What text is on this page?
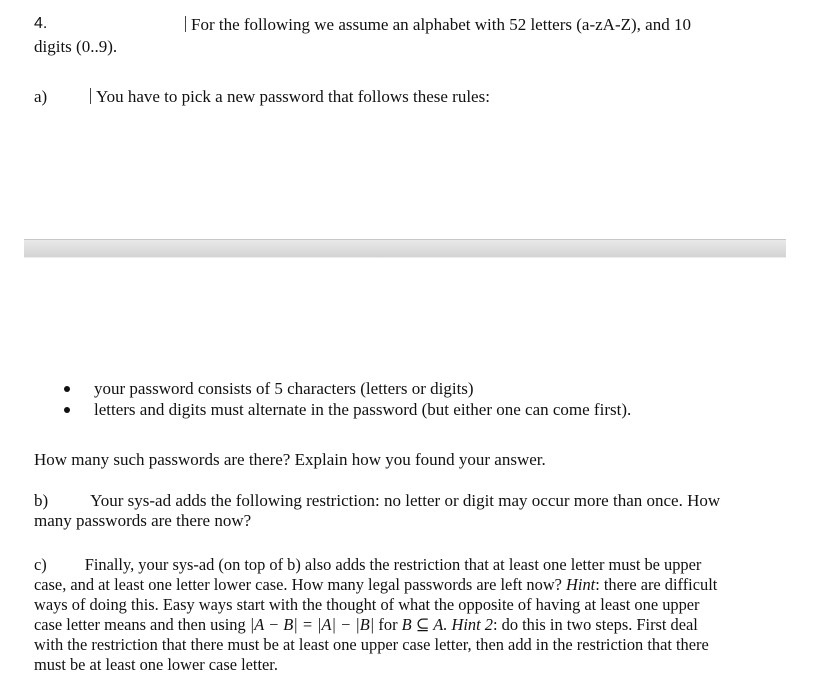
4.	For the following we assume an alphabet with 52 letters (a-zA-Z), and 10
digits (0..9).
a)	You have to pick a new password that follows these rules:
your password consists of 5 characters (letters or digits)
letters and digits must alternate in the password (but either one can come first).
How many such passwords are there? Explain how you found your answer.
b) Your sys-ad adds the following restriction: no letter or digit may occur more than once. How
many passwords are there now?
c) Finally, your sys-ad (on top of b) also adds the restriction that at least one letter must be upper
case, and at least one letter lower case. How many legal passwords are left now? Hint: there are difficult
ways of doing this. Easy ways start with the thought of what the opposite of having at least one upper
case letter means and then using |A − B| = |A| − |B| for B ⊆ A. Hint 2: do this in two steps. First deal
with the restriction that there must be at least one upper case letter, then add in the restriction that there
must be at least one lower case letter.
